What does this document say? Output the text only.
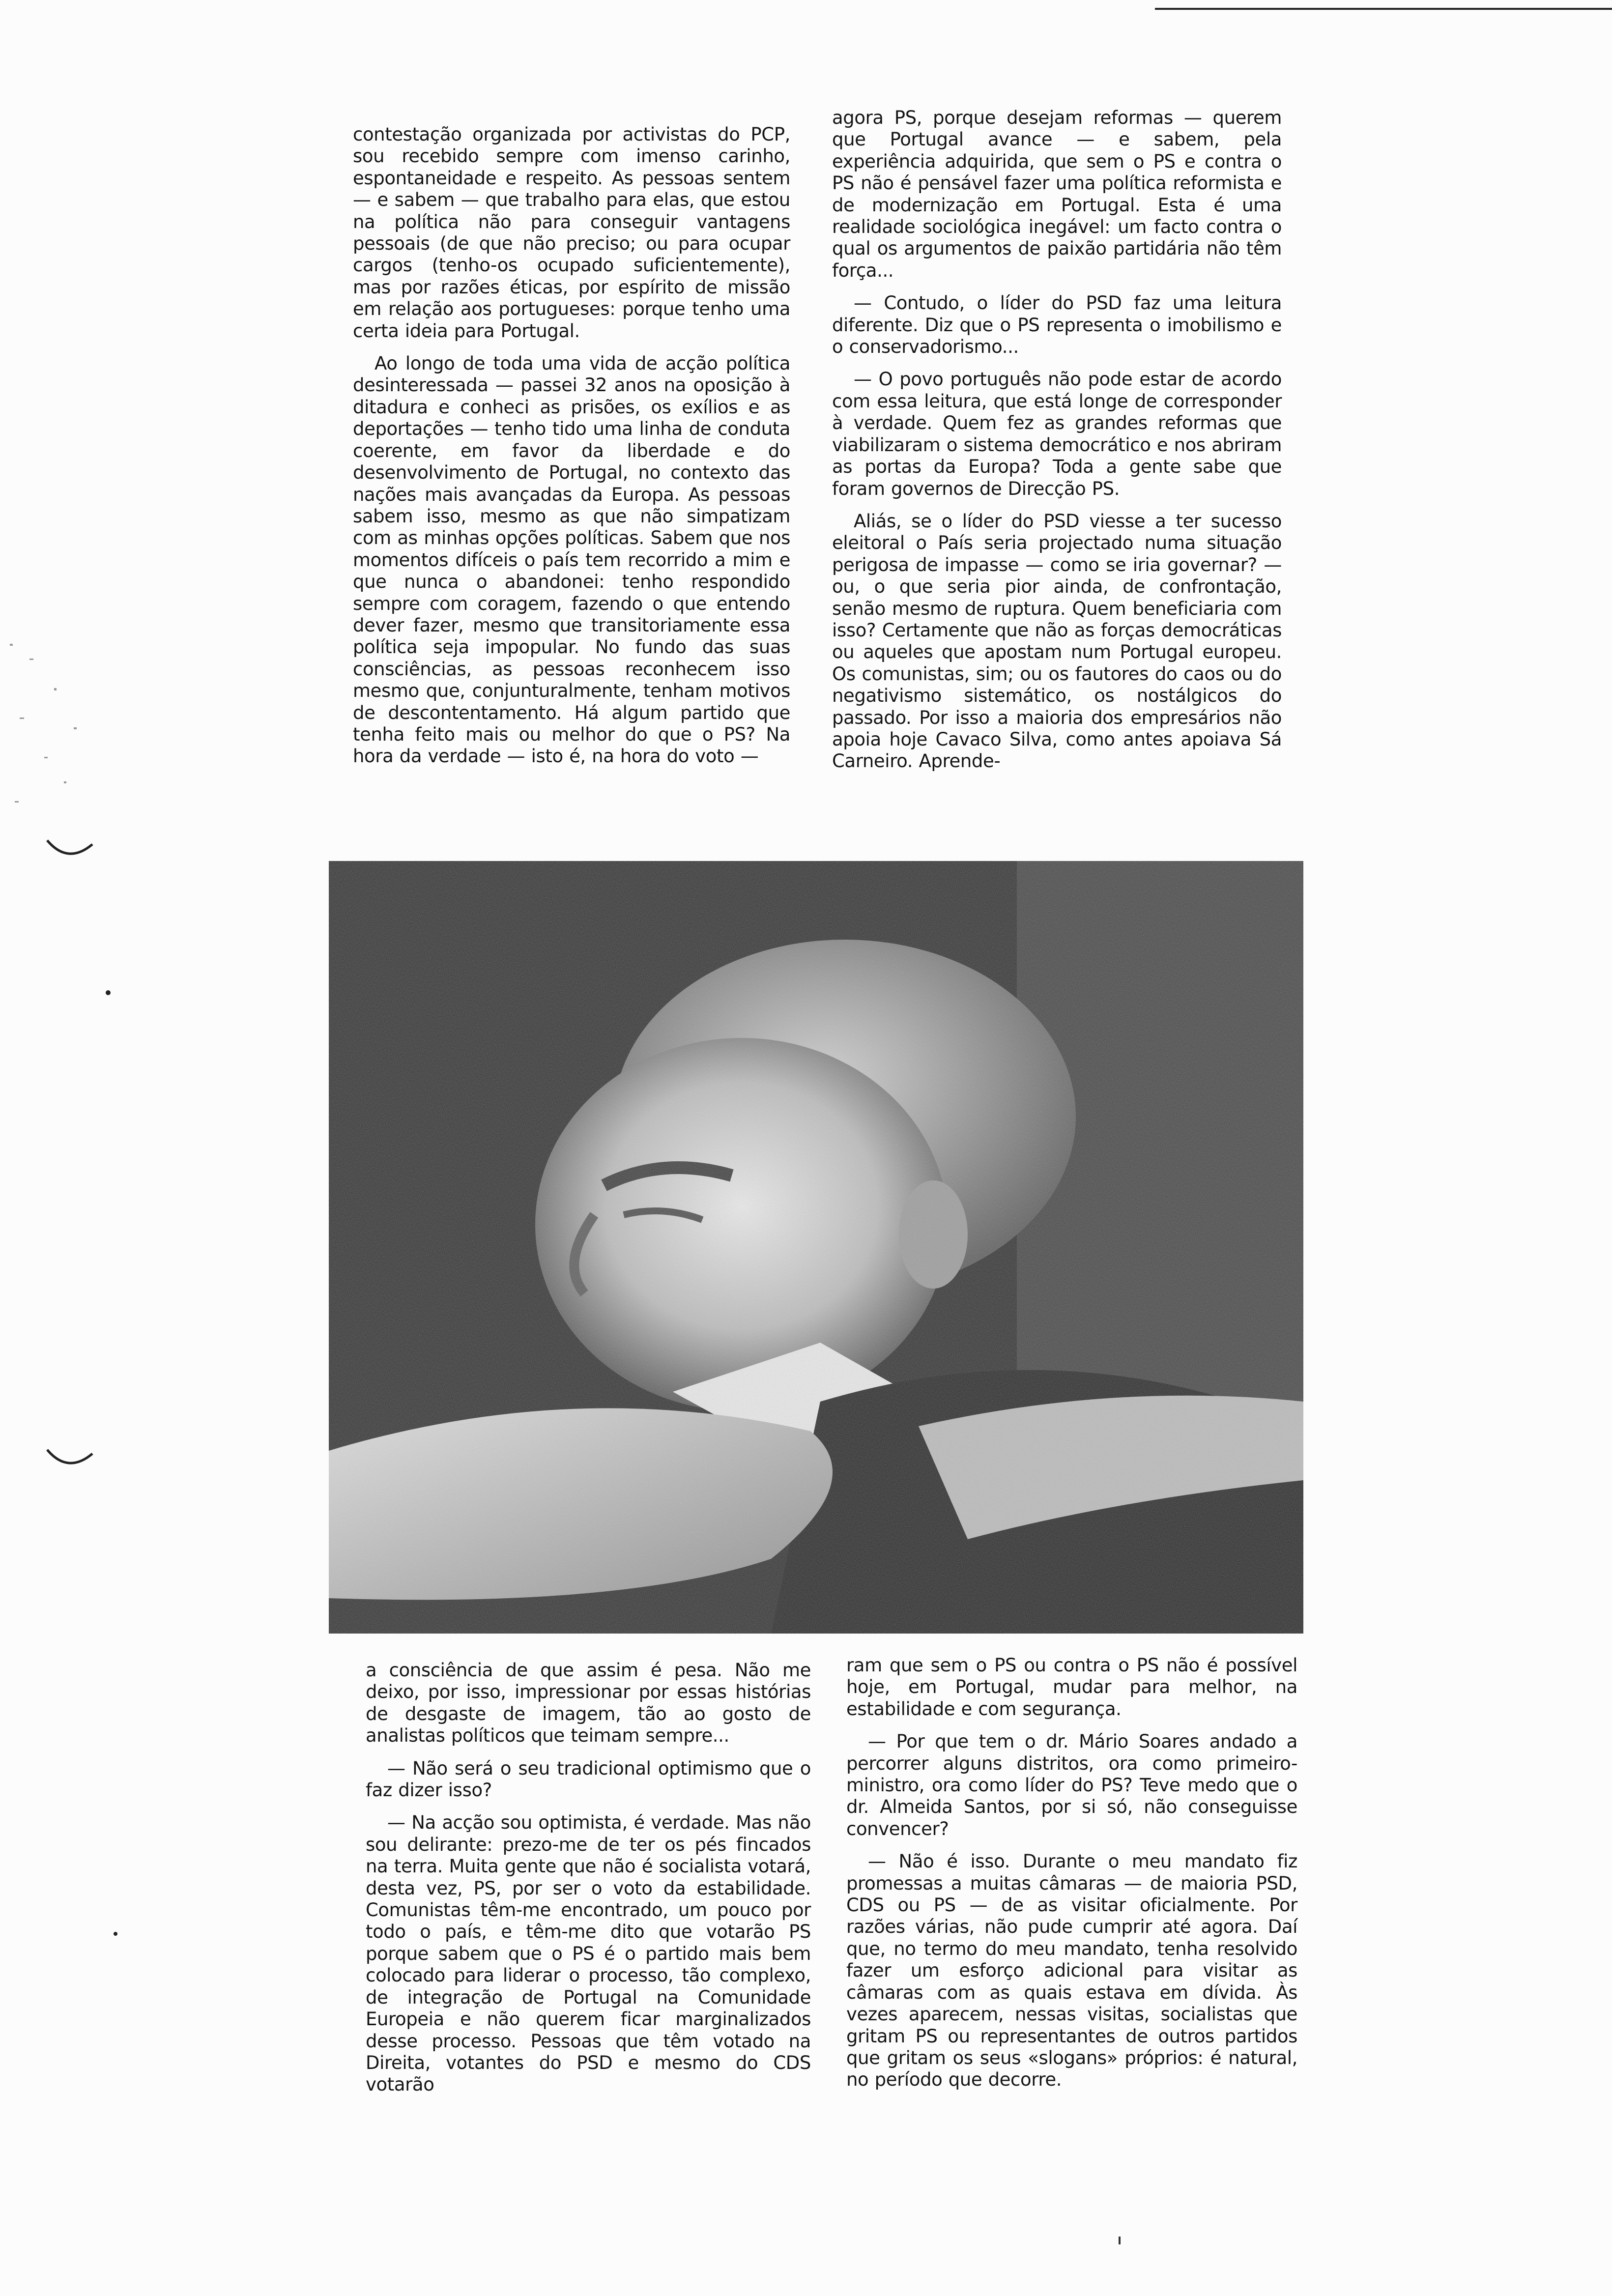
contestação organizada por activistas do PCP, sou recebido sempre com imenso carinho, espontaneidade e respeito. As pessoas sentem — e sabem — que trabalho para elas, que estou na política não para conseguir vantagens pessoais (de que não preciso; ou para ocupar cargos (tenho-os ocupado suficientemente), mas por razões éticas, por espírito de missão em relação aos portugueses: porque tenho uma certa ideia para Portugal.

Ao longo de toda uma vida de acção política desinteressada — passei 32 anos na oposição à ditadura e conheci as prisões, os exílios e as deportações — tenho tido uma linha de conduta coerente, em favor da liberdade e do desenvolvimento de Portugal, no contexto das nações mais avançadas da Europa. As pessoas sabem isso, mesmo as que não simpatizam com as minhas opções políticas. Sabem que nos momentos difíceis o país tem recorrido a mim e que nunca o abandonei: tenho respondido sempre com coragem, fazendo o que entendo dever fazer, mesmo que transitoriamente essa política seja impopular. No fundo das suas consciências, as pessoas reconhecem isso mesmo que, conjunturalmente, tenham motivos de descontentamento. Há algum partido que tenha feito mais ou melhor do que o PS? Na hora da verdade — isto é, na hora do voto —

agora PS, porque desejam reformas — querem que Portugal avance — e sabem, pela experiência adquirida, que sem o PS e contra o PS não é pensável fazer uma política reformista e de modernização em Portugal. Esta é uma realidade sociológica inegável: um facto contra o qual os argumentos de paixão partidária não têm força...

— Contudo, o líder do PSD faz uma leitura diferente. Diz que o PS representa o imobilismo e o conservadorismo...

— O povo português não pode estar de acordo com essa leitura, que está longe de corresponder à verdade. Quem fez as grandes reformas que viabilizaram o sistema democrático e nos abriram as portas da Europa? Toda a gente sabe que foram governos de Direcção PS.

Aliás, se o líder do PSD viesse a ter sucesso eleitoral o País seria projectado numa situação perigosa de impasse — como se iria governar? — ou, o que seria pior ainda, de confrontação, senão mesmo de ruptura. Quem beneficiaria com isso? Certamente que não as forças democráticas ou aqueles que apostam num Portugal europeu. Os comunistas, sim; ou os fautores do caos ou do negativismo sistemático, os nostálgicos do passado. Por isso a maioria dos empresários não apoia hoje Cavaco Silva, como antes apoiava Sá Carneiro. Aprende-

a consciência de que assim é pesa. Não me deixo, por isso, impressionar por essas histórias de desgaste de imagem, tão ao gosto de analistas políticos que teimam sempre...

— Não será o seu tradicional optimismo que o faz dizer isso?

— Na acção sou optimista, é verdade. Mas não sou delirante: prezo-me de ter os pés fincados na terra. Muita gente que não é socialista votará, desta vez, PS, por ser o voto da estabilidade. Comunistas têm-me encontrado, um pouco por todo o país, e têm-me dito que votarão PS porque sabem que o PS é o partido mais bem colocado para liderar o processo, tão complexo, de integração de Portugal na Comunidade Europeia e não querem ficar marginalizados desse processo. Pessoas que têm votado na Direita, votantes do PSD e mesmo do CDS votarão

ram que sem o PS ou contra o PS não é possível hoje, em Portugal, mudar para melhor, na estabilidade e com segurança.

— Por que tem o dr. Mário Soares andado a percorrer alguns distritos, ora como primeiro-ministro, ora como líder do PS? Teve medo que o dr. Almeida Santos, por si só, não conseguisse convencer?

— Não é isso. Durante o meu mandato fiz promessas a muitas câmaras — de maioria PSD, CDS ou PS — de as visitar oficialmente. Por razões várias, não pude cumprir até agora. Daí que, no termo do meu mandato, tenha resolvido fazer um esforço adicional para visitar as câmaras com as quais estava em dívida. Às vezes aparecem, nessas visitas, socialistas que gritam PS ou representantes de outros partidos que gritam os seus «slogans» próprios: é natural, no período que decorre.
